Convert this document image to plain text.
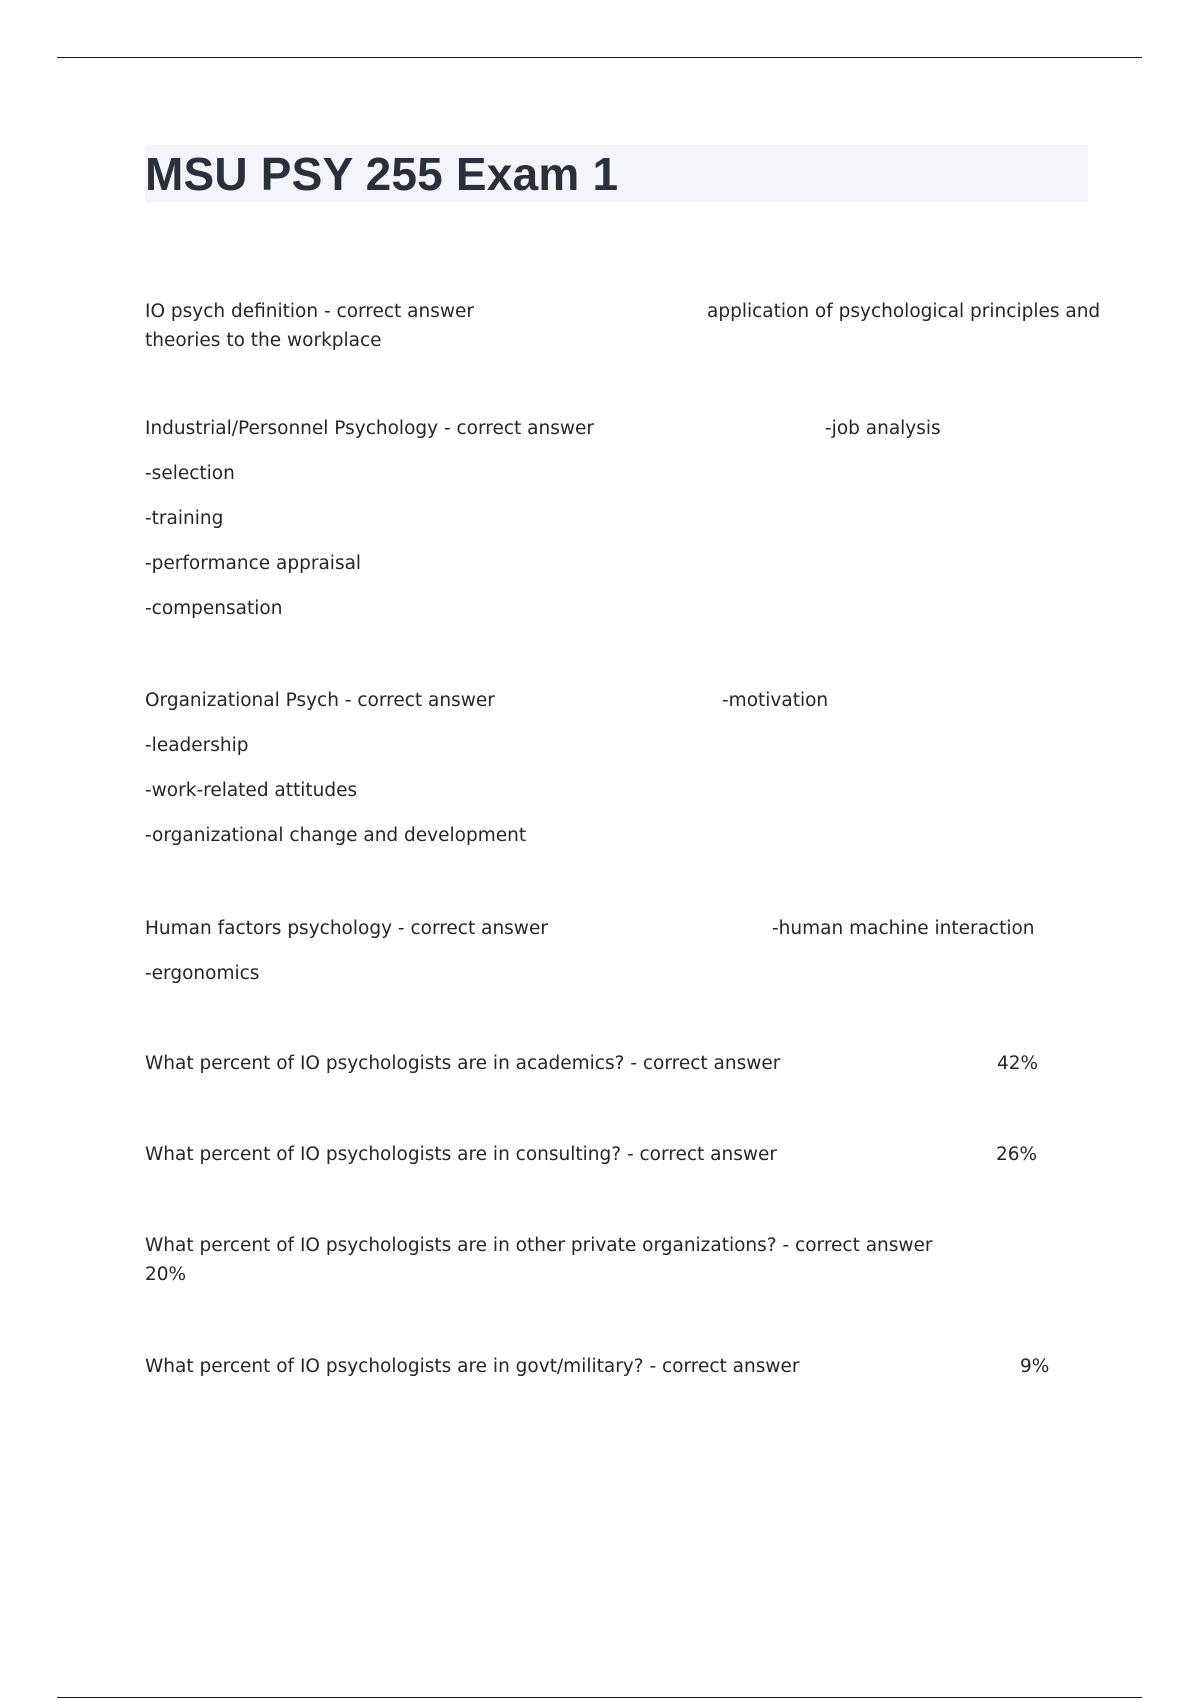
MSU PSY 255 Exam 1
IO psych definition - correct answer	application of psychological principles and
theories to the workplace
Industrial/Personnel Psychology - correct answer	-job analysis
-selection
-training
-performance appraisal
-compensation
Organizational Psych - correct answer	-motivation
-leadership
-work-related attitudes
-organizational change and development
Human factors psychology - correct answer	-human machine interaction
-ergonomics
What percent of IO psychologists are in academics? - correct answer	42%
What percent of IO psychologists are in consulting? - correct answer	26%
What percent of IO psychologists are in other private organizations? - correct answer
20%
What percent of IO psychologists are in govt/military? - correct answer	9%
